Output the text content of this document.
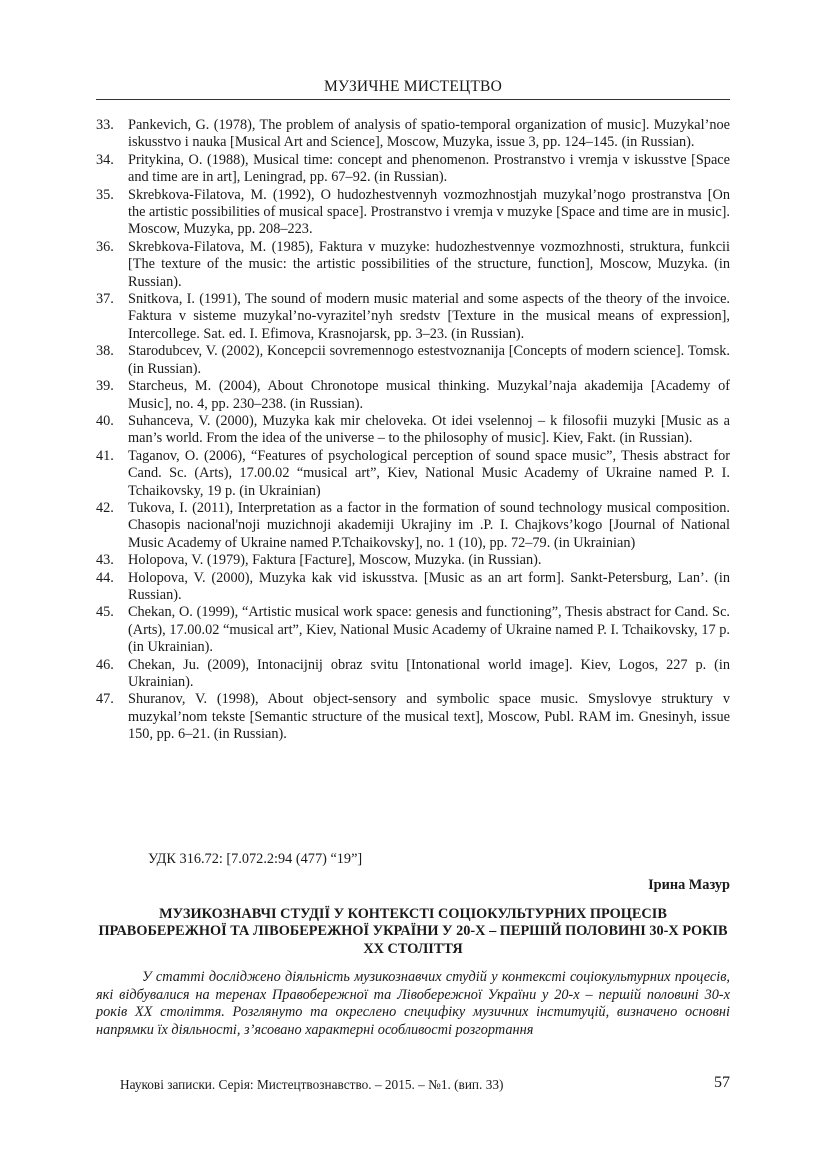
МУЗИЧНЕ МИСТЕЦТВО
33. Pankevich, G. (1978), The problem of analysis of spatio-temporal organization of music]. Muzykal’noe iskusstvo i nauka [Musical Art and Science], Moscow, Muzyka, issue 3, pp. 124–145. (in Russian).
34. Pritykina, O. (1988), Musical time: concept and phenomenon. Prostranstvo i vremja v iskusstve [Space and time are in art], Leningrad, pp. 67–92. (in Russian).
35. Skrebkova-Filatova, M. (1992), O hudozhestvennyh vozmozhnostjah muzykal’nogo prostranstva [On the artistic possibilities of musical space]. Prostranstvo i vremja v muzyke [Space and time are in music]. Moscow, Muzyka, pp. 208–223.
36. Skrebkova-Filatova, M. (1985), Faktura v muzyke: hudozhestvennye vozmozhnosti, struktura, funkcii [The texture of the music: the artistic possibilities of the structure, function], Moscow, Muzyka. (in Russian).
37. Snitkova, I. (1991), The sound of modern music material and some aspects of the theory of the invoice. Faktura v sisteme muzykal’no-vyrazitel’nyh sredstv [Texture in the musical means of expression], Intercollege. Sat. ed. I. Efimova, Krasnojarsk, pp. 3–23. (in Russian).
38. Starodubcev, V. (2002), Koncepcii sovremennogo estestvoznanija [Concepts of modern science]. Tomsk. (in Russian).
39. Starcheus, M. (2004), About Chronotope musical thinking. Muzykal’naja akademija [Academy of Music], no. 4, pp. 230–238. (in Russian).
40. Suhanceva, V. (2000), Muzyka kak mir cheloveka. Ot idei vselennoj – k filosofii muzyki [Music as a man’s world. From the idea of the universe – to the philosophy of music]. Kiev, Fakt. (in Russian).
41. Taganov, O. (2006), “Features of psychological perception of sound space music”, Thesis abstract for Cand. Sc. (Arts), 17.00.02 “musical art”, Kiev, National Music Academy of Ukraine named P. I. Tchaikovsky, 19 p. (in Ukrainian)
42. Tukova, I. (2011), Interpretation as a factor in the formation of sound technology musical composition. Chasopis nacional'noji muzichnoji akademiji Ukrajiny im .P. I. Chajkovs’kogo [Journal of National Music Academy of Ukraine named P.Tchaikovsky], no. 1 (10), pp. 72–79. (in Ukrainian)
43. Holopova, V. (1979), Faktura [Facture], Moscow, Muzyka. (in Russian).
44. Holopova, V. (2000), Muzyka kak vid iskusstva. [Music as an art form]. Sankt-Petersburg, Lan’. (in Russian).
45. Chekan, O. (1999), “Artistic musical work space: genesis and functioning”, Thesis abstract for Cand. Sc. (Arts), 17.00.02 “musical art”, Kiev, National Music Academy of Ukraine named P. I. Tchaikovsky, 17 p. (in Ukrainian).
46. Chekan, Ju. (2009), Intonacijnij obraz svitu [Intonational world image]. Kiev, Logos, 227 p. (in Ukrainian).
47. Shuranov, V. (1998), About object-sensory and symbolic space music. Smyslovye struktury v muzykal’nom tekste [Semantic structure of the musical text], Moscow, Publ. RAM im. Gnesinyh, issue 150, pp. 6–21. (in Russian).
УДК 316.72: [7.072.2:94 (477) “19”]
Ірина Мазур
МУЗИКОЗНАВЧІ СТУДІЇ У КОНТЕКСТІ СОЦІОКУЛЬТУРНИХ ПРОЦЕСІВ ПРАВОБЕРЕЖНОЇ ТА ЛІВОБЕРЕЖНОЇ УКРАЇНИ У 20-Х – ПЕРШІЙ ПОЛОВИНІ 30-Х РОКІВ ХХ СТОЛІТТЯ

У статті досліджено діяльність музикознавчих студій у контексті соціокультурних процесів, які відбувалися на теренах Правобережної та Лівобережної України у 20-х – першій половині 30-х років ХХ століття. Розглянуто та окреслено специфіку музичних інституцій, визначено основні напрямки їх діяльності, з’ясовано характерні особливості розгортання

Наукові записки. Серія: Мистецтвознавство. – 2015. – №1. (вип. 33)	57
